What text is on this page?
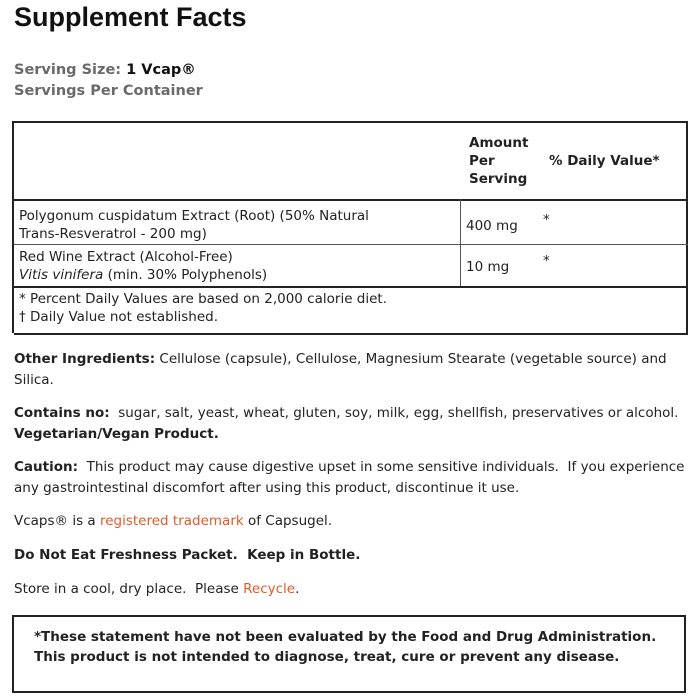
Supplement Facts
Serving Size: 1 Vcap®
Servings Per Container
Amount
Per
Serving
% Daily Value*
Polygonum cuspidatum Extract (Root) (50% Natural
Trans-Resveratrol - 200 mg)	400 mg *
Red Wine Extract (Alcohol-Free)
Vitis vinifera (min. 30% Polyphenols)	10 mg	*
* Percent Daily Values are based on 2,000 calorie diet.
† Daily Value not established.
Other Ingredients: Cellulose (capsule), Cellulose, Magnesium Stearate (vegetable source) and Silica.
Contains no:  sugar, salt, yeast, wheat, gluten, soy, milk, egg, shellfish, preservatives or alcohol.  Vegetarian/Vegan Product.
Caution:  This product may cause digestive upset in some sensitive individuals.  If you experience any gastrointestinal discomfort after using this product, discontinue it use.
Vcaps® is a registered trademark of Capsugel.
Do Not Eat Freshness Packet.  Keep in Bottle.
Store in a cool, dry place.  Please Recycle.
*These statement have not been evaluated by the Food and Drug Administration.  This product is not intended to diagnose, treat, cure or prevent any disease.
